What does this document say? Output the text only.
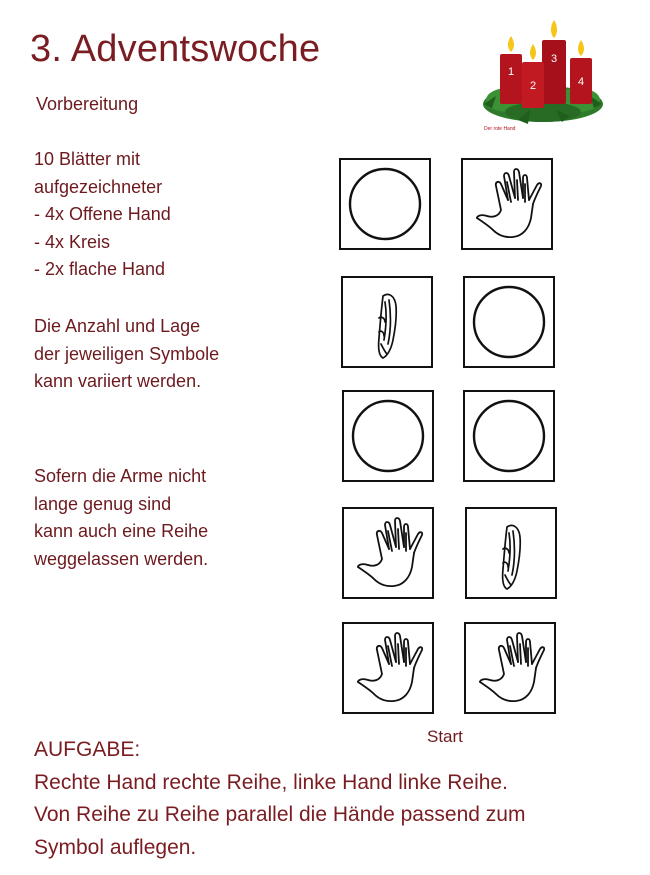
3. Adventswoche
1
2
3
4
Der rote Hand
Vorbereitung
10 Blätter mit
aufgezeichneter
- 4x Offene Hand
- 4x Kreis
- 2x flache Hand
Die Anzahl und Lage
der jeweiligen Symbole
kann variiert werden.
Sofern die Arme nicht
lange genug sind
kann auch eine Reihe
weggelassen werden.
Start
AUFGABE:
Rechte Hand rechte Reihe, linke Hand linke Reihe.
Von Reihe zu Reihe parallel die Hände passend zum
Symbol auflegen.
